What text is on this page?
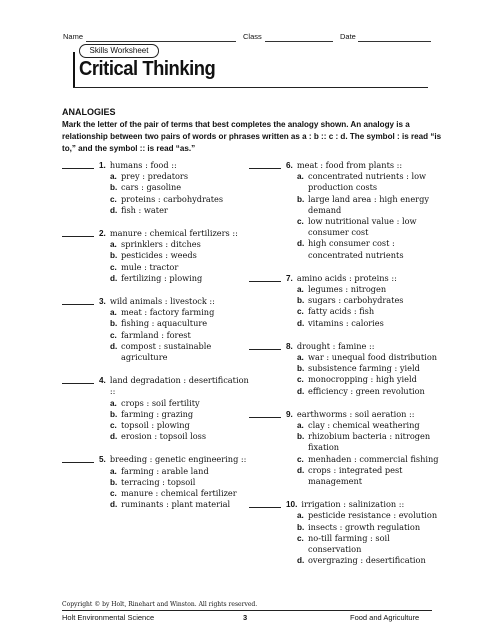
Name	Class	Date
Skills Worksheet
Critical Thinking
ANALOGIES
Mark the letter of the pair of terms that best completes the analogy shown. An analogy is a relationship between two pairs of words or phrases written as a : b :: c : d. The symbol : is read “is to,” and the symbol :: is read “as.”
1. humans : food ::
a. prey : predators
b. cars : gasoline
c. proteins : carbohydrates
d. fish : water
2. manure : chemical fertilizers ::
a. sprinklers : ditches
b. pesticides : weeds
c. mule : tractor
d. fertilizing : plowing
3. wild animals : livestock ::
a. meat : factory farming
b. fishing : aquaculture
c. farmland : forest
d. compost : sustainable agriculture
4. land degradation : desertification ::
a. crops : soil fertility
b. farming : grazing
c. topsoil : plowing
d. erosion : topsoil loss
5. breeding : genetic engineering ::
a. farming : arable land
b. terracing : topsoil
c. manure : chemical fertilizer
d. ruminants : plant material
6. meat : food from plants ::
a. concentrated nutrients : low production costs
b. large land area : high energy demand
c. low nutritional value : low consumer cost
d. high consumer cost : concentrated nutrients
7. amino acids : proteins ::
a. legumes : nitrogen
b. sugars : carbohydrates
c. fatty acids : fish
d. vitamins : calories
8. drought : famine ::
a. war : unequal food distribution
b. subsistence farming : yield
c. monocropping : high yield
d. efficiency : green revolution
9. earthworms : soil aeration ::
a. clay : chemical weathering
b. rhizobium bacteria : nitrogen fixation
c. menhaden : commercial fishing
d. crops : integrated pest management
10. irrigation : salinization ::
a. pesticide resistance : evolution
b. insects : growth regulation
c. no-till farming : soil conservation
d. overgrazing : desertification
Copyright © by Holt, Rinehart and Winston. All rights reserved.
Holt Environmental Science	3	Food and Agriculture
